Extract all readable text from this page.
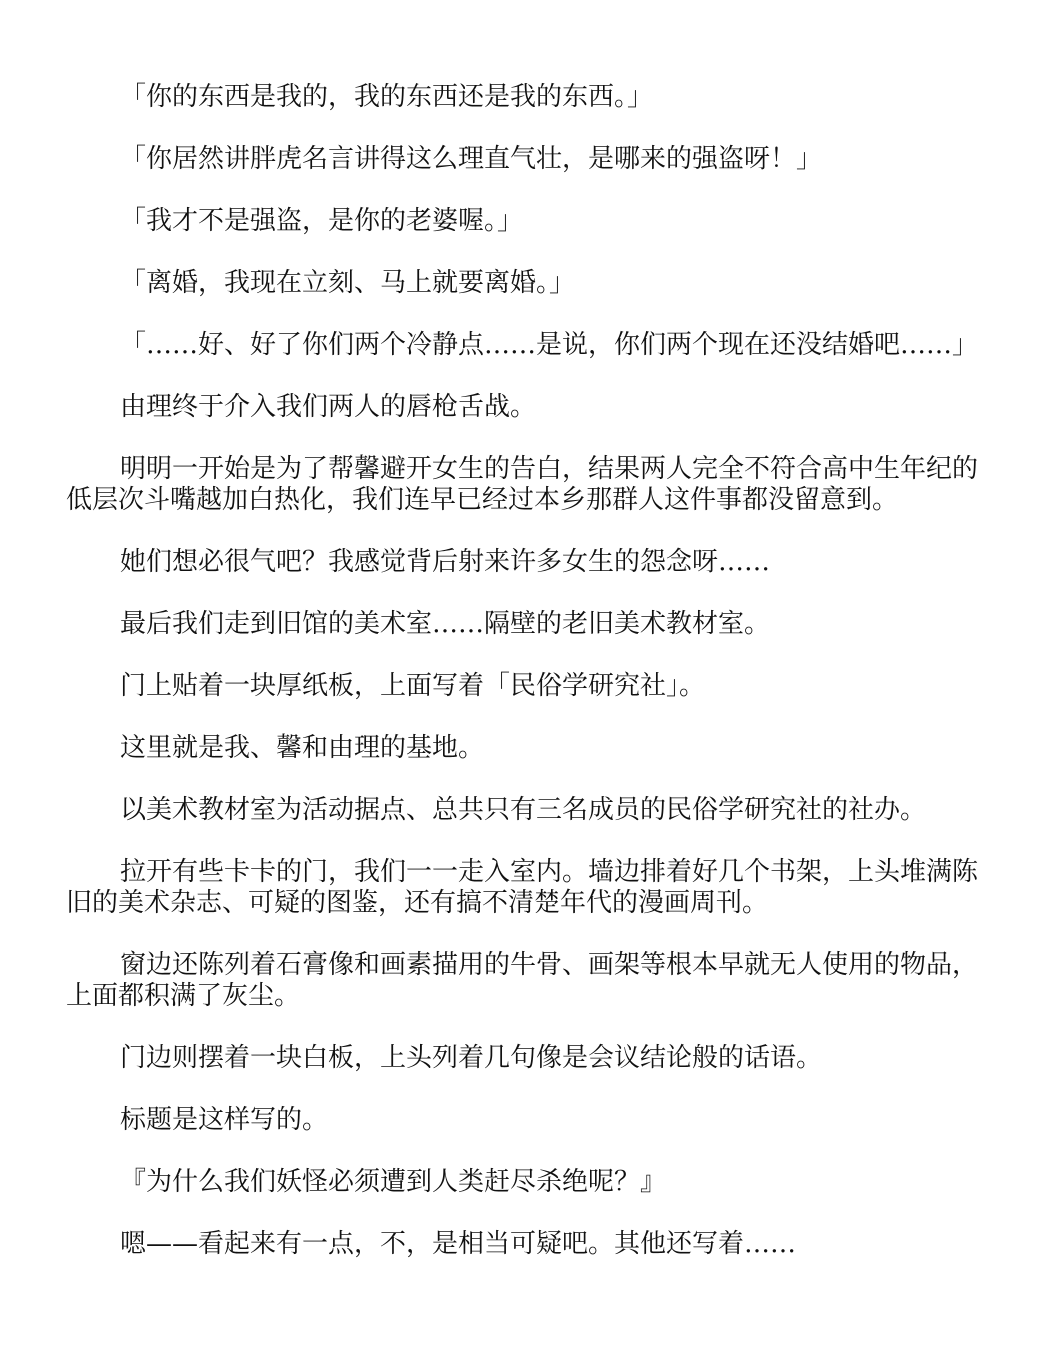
「你的东西是我的，我的东西还是我的东西。」

「你居然讲胖虎名言讲得这么理直气壮，是哪来的强盗呀！」

「我才不是强盗，是你的老婆喔。」

「离婚，我现在立刻、马上就要离婚。」

「……好、好了你们两个冷静点……是说，你们两个现在还没结婚吧……」

由理终于介入我们两人的唇枪舌战。

明明一开始是为了帮馨避开女生的告白，结果两人完全不符合高中生年纪的低层次斗嘴越加白热化，我们连早已经过本乡那群人这件事都没留意到。

她们想必很气吧？我感觉背后射来许多女生的怨念呀……

最后我们走到旧馆的美术室……隔壁的老旧美术教材室。

门上贴着一块厚纸板，上面写着「民俗学研究社」。

这里就是我、馨和由理的基地。

以美术教材室为活动据点、总共只有三名成员的民俗学研究社的社办。

拉开有些卡卡的门，我们一一走入室内。墙边排着好几个书架，上头堆满陈旧的美术杂志、可疑的图鉴，还有搞不清楚年代的漫画周刊。

窗边还陈列着石膏像和画素描用的牛骨、画架等根本早就无人使用的物品，上面都积满了灰尘。

门边则摆着一块白板，上头列着几句像是会议结论般的话语。

标题是这样写的。

『为什么我们妖怪必须遭到人类赶尽杀绝呢？』

嗯——看起来有一点，不，是相当可疑吧。其他还写着……
